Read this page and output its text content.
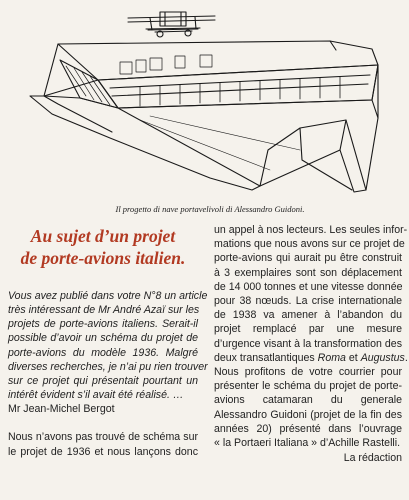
Il progetto di nave portavelivoli di Alessandro Guidoni.
Au sujet d’un projet
de porte-avions italien.
Vous avez publié dans votre N°8 un article
très intéressant de Mr André Azaï sur les
projets de porte-avions italiens. Serait-il
possible d’avoir un schéma du projet de
porte-avions du modèle 1936. Malgré
diverses recherches, je n’ai pu rien trouver
sur ce projet qui présentait pourtant un
intérêt évident s’il avait été réalisé. …
Mr Jean-Michel Bergot
Nous n’avons pas trouvé de schéma sur
le projet de 1936 et nous lançons donc
un appel à nos lecteurs. Les seules infor-
mations que nous avons sur ce projet de
porte-avions qui aurait pu être construit
à 3 exemplaires sont son déplacement
de 14 000 tonnes et une vitesse donnée
pour 38 nœuds. La crise internationale
de 1938 va amener à l’abandon du
projet remplacé par une mesure
d’urgence visant à la transformation des
deux transatlantiques Roma et Augustus.
Nous profitons de votre courrier pour
présenter le schéma du projet de porte-
avions catamaran du generale
Alessandro Guidoni (projet de la fin des
années 20) présenté dans l’ouvrage
« la Portaeri Italiana » d’Achille Rastelli.
La rédaction
